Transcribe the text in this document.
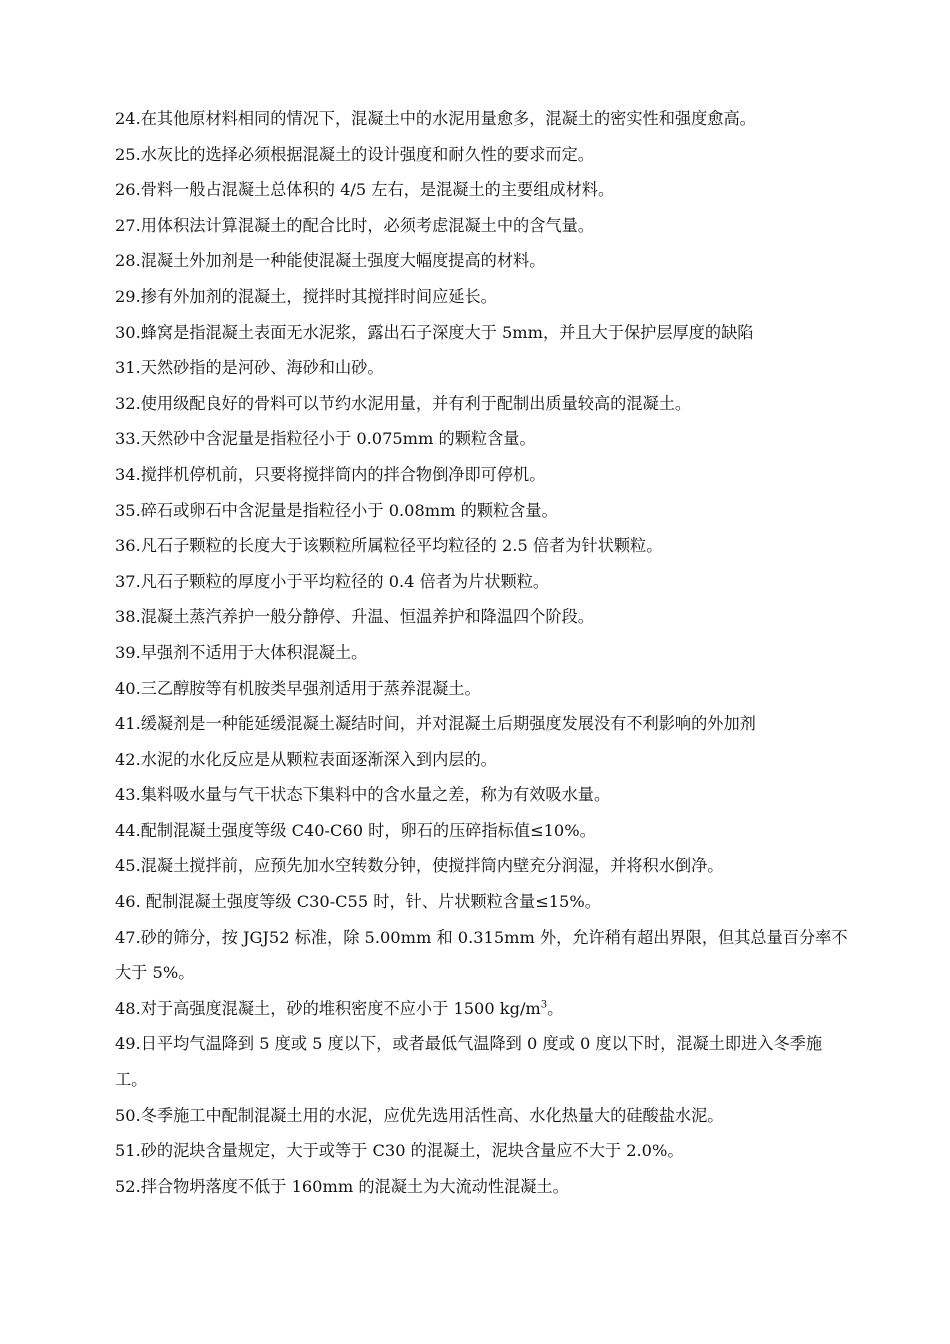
24.在其他原材料相同的情况下，混凝土中的水泥用量愈多，混凝土的密实性和强度愈高。

25.水灰比的选择必须根据混凝土的设计强度和耐久性的要求而定。

26.骨料一般占混凝土总体积的 4/5 左右，是混凝土的主要组成材料。

27.用体积法计算混凝土的配合比时，必须考虑混凝土中的含气量。

28.混凝土外加剂是一种能使混凝土强度大幅度提高的材料。

29.掺有外加剂的混凝土，搅拌时其搅拌时间应延长。

30.蜂窝是指混凝土表面无水泥浆，露出石子深度大于 5mm，并且大于保护层厚度的缺陷

31.天然砂指的是河砂、海砂和山砂。

32.使用级配良好的骨料可以节约水泥用量，并有利于配制出质量较高的混凝土。

33.天然砂中含泥量是指粒径小于 0.075mm 的颗粒含量。

34.搅拌机停机前，只要将搅拌筒内的拌合物倒净即可停机。

35.碎石或卵石中含泥量是指粒径小于 0.08mm 的颗粒含量。

36.凡石子颗粒的长度大于该颗粒所属粒径平均粒径的 2.5 倍者为针状颗粒。

37.凡石子颗粒的厚度小于平均粒径的 0.4 倍者为片状颗粒。

38.混凝土蒸汽养护一般分静停、升温、恒温养护和降温四个阶段。

39.早强剂不适用于大体积混凝土。

40.三乙醇胺等有机胺类早强剂适用于蒸养混凝土。

41.缓凝剂是一种能延缓混凝土凝结时间，并对混凝土后期强度发展没有不利影响的外加剂

42.水泥的水化反应是从颗粒表面逐渐深入到内层的。

43.集料吸水量与气干状态下集料中的含水量之差，称为有效吸水量。

44.配制混凝土强度等级 C40-C60 时，卵石的压碎指标值≤10%。

45.混凝土搅拌前，应预先加水空转数分钟，使搅拌筒内壁充分润湿，并将积水倒净。

46. 配制混凝土强度等级 C30-C55 时，针、片状颗粒含量≤15%。

47.砂的筛分，按 JGJ52 标准，除 5.00mm 和 0.315mm 外，允许稍有超出界限，但其总量百分率不大于 5%。

48.对于高强度混凝土，砂的堆积密度不应小于 1500 $kg/m^3$。

49.日平均气温降到 5 度或 5 度以下，或者最低气温降到 0 度或 0 度以下时，混凝土即进入冬季施工。

50.冬季施工中配制混凝土用的水泥，应优先选用活性高、水化热量大的硅酸盐水泥。

51.砂的泥块含量规定，大于或等于 C30 的混凝土，泥块含量应不大于 2.0%。

52.拌合物坍落度不低于 160mm 的混凝土为大流动性混凝土。
